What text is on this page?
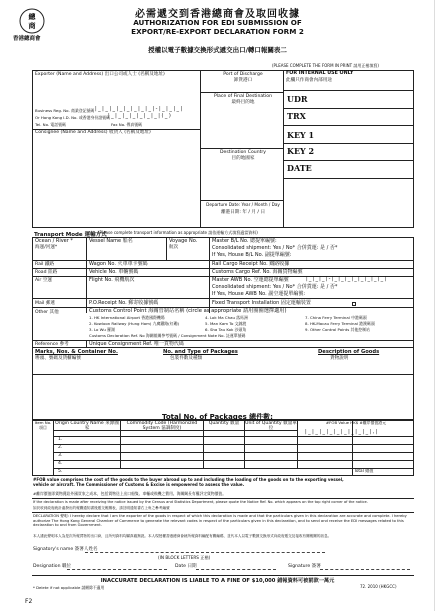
總
商
香港總商會
必需遞交到香港總商會及取回收據
AUTHORIZATION FOR EDI SUBMISSION OF
EXPORT/RE-EXPORT DECLARATION FORM 2
授權以電子數據交換形式遞交出口/轉口報關表二
(PLEASE COMPLETE THE FORM IN PRINT 請用正楷填寫)
Exporter (Name and Address) 出口公司或人士 (名稱及地址)
Business Reg. No. 商業登記號碼 |_|_|_|_|_|_|_|_|-|_|_|_|
Or Hong Kong I.D. No. 或香港身份證號碼
|_|_|_|_|_|_|_|(_)
Tel. No. 電話號碼	Fax No. 傳真號碼
Consignee (Name and Address) 收貨人 (名稱及地址)
Port of Discharge
卸貨港口
Place of Final Destination
最終目的地
Destination Country
目的地國家
Departure Date: Year / Month / Day
離港日期: 年 / 月 / 日
FOR INTERNAL USE ONLY
此欄只作商會內部用途
UDR
TRX
KEY 1
KEY 2
DATE
Transport Mode 運輸方式
(Please complete transport information as appropriate 請依運輸方式填寫適當資料)
Ocean / River *
海運/河運*
Vessel Name 船名	Voyage No.
航次
Master B/L No. 總提單編號:
Consolidated shipment: Yes / No* 合併貨運: 是 / 否*
If Yes, House B/L No. 副提單編號:
Rail 鐵路	Wagon No. 火車車卡號碼	Rail Cargo Receipt No. 鐵路收據
Road 陸路	Vehicle No. 車輛號碼	Customs Cargo Ref. No. 海關貨物編號
Air 空運	Flight No. 飛機航次	Master AWB No. 空運總提單編號	|_|_|_|-|_|_|_|_|_|_|_|_|
Consolidated shipment: Yes / No* 合併貨運: 是 / 否*
If Yes, House AWB No. 副空運提單編號:
Mail 郵遞	P.O.Receipt No. 郵寄收據號碼	Fixed Transport Installation 固定運輸裝置
Other 其他	Customs Control Point 海關管制站名稱 (circle as appropriate 請用圈圈選擇適用)
1. HK International Airport 香港國際機場
2. Kowloon Railway (Hung Hom) 九廣鐵路(紅磡)
3. Lo Wu 羅湖
4. Lok Ma Chau 落馬洲
5. Man Kam To 文錦渡
6. Sha Tau Kok 沙頭角
7. China Ferry Terminal 中港碼頭
8. HK-Macau Ferry Terminal 港澳碼頭
9. Other Control Points 其他控制站
Customs Declaration Ref. No 海關報關參考號碼 / Consignment Note No. 託運單號碼
Reference 參考	Unique Consignment Ref. 唯一貨物代碼
Marks, Nos. & Container No.
嘜頭、號碼及貨櫃編號
No. and Type of Packages
包裝件數及種類
Description of Goods
貨物說明
Total No. of Packages 總件數:
Item No. 項目
Origin Country Name 來源國家
Commodity Code (Harmonized System 協調制度)
Quantity 數量	Unit of Quantity 數量單位
#FOB Value HK$ #離岸價值港元
|_|_|_|_|_|_|_|_|_|,|
1.
2.
3.
4.
5.	Total 總值
#FOB value comprises the cost of the goods to the buyer abroad up to and including the loading of the goods on to the exporting vessel, vehicle or aircraft. The Commissioner of Customs & Excise is empowered to assess the value.
#離岸價值即貨物賣給外國買家之成本，包括貨物送上出口船隻、車輛或飛機之費用。海關關長有權評定貨物價值。
If the declaration is made after receiving the notice issued by the Census and Statistics Department, please quote the Notice Ref. No. which appears on the top right corner of the notice.
如於收到政府統計處發出的報關通知書後遞交報關表，請註明通知書右上角之參考編號
DECLARATION 聲明: I hereby declare that I am the exporter of the goods in respect of which this declaration is made and that the particulars given in this declaration are accurate and complete. I hereby authorize The Hong Kong General Chamber of Commerce to generate the relevant codes in respect of the particulars given in this declaration, and to send and receive the EDI messages related to this declaration to and from Government.
本人謹此聲明本人為是次所報貨物的出口商，且所列資料均屬真確無訛。本人現授權香港總商會就所報資料編配有關編碼，並代本人以電子數據交換形式向政府遞交及接收有關報關的訊息。
Signatory's name 簽署人姓名
(IN BLOCK LETTERS 正楷)
Designation 職位	Date 日期	Signature 簽署
INACCURATE DECLARATION IS LIABLE TO A FINE OF $10,000 錯報資料可被罰款一萬元
* Delete if not applicable 請刪除不適用	72. 2010 (HKGCC)
F2
